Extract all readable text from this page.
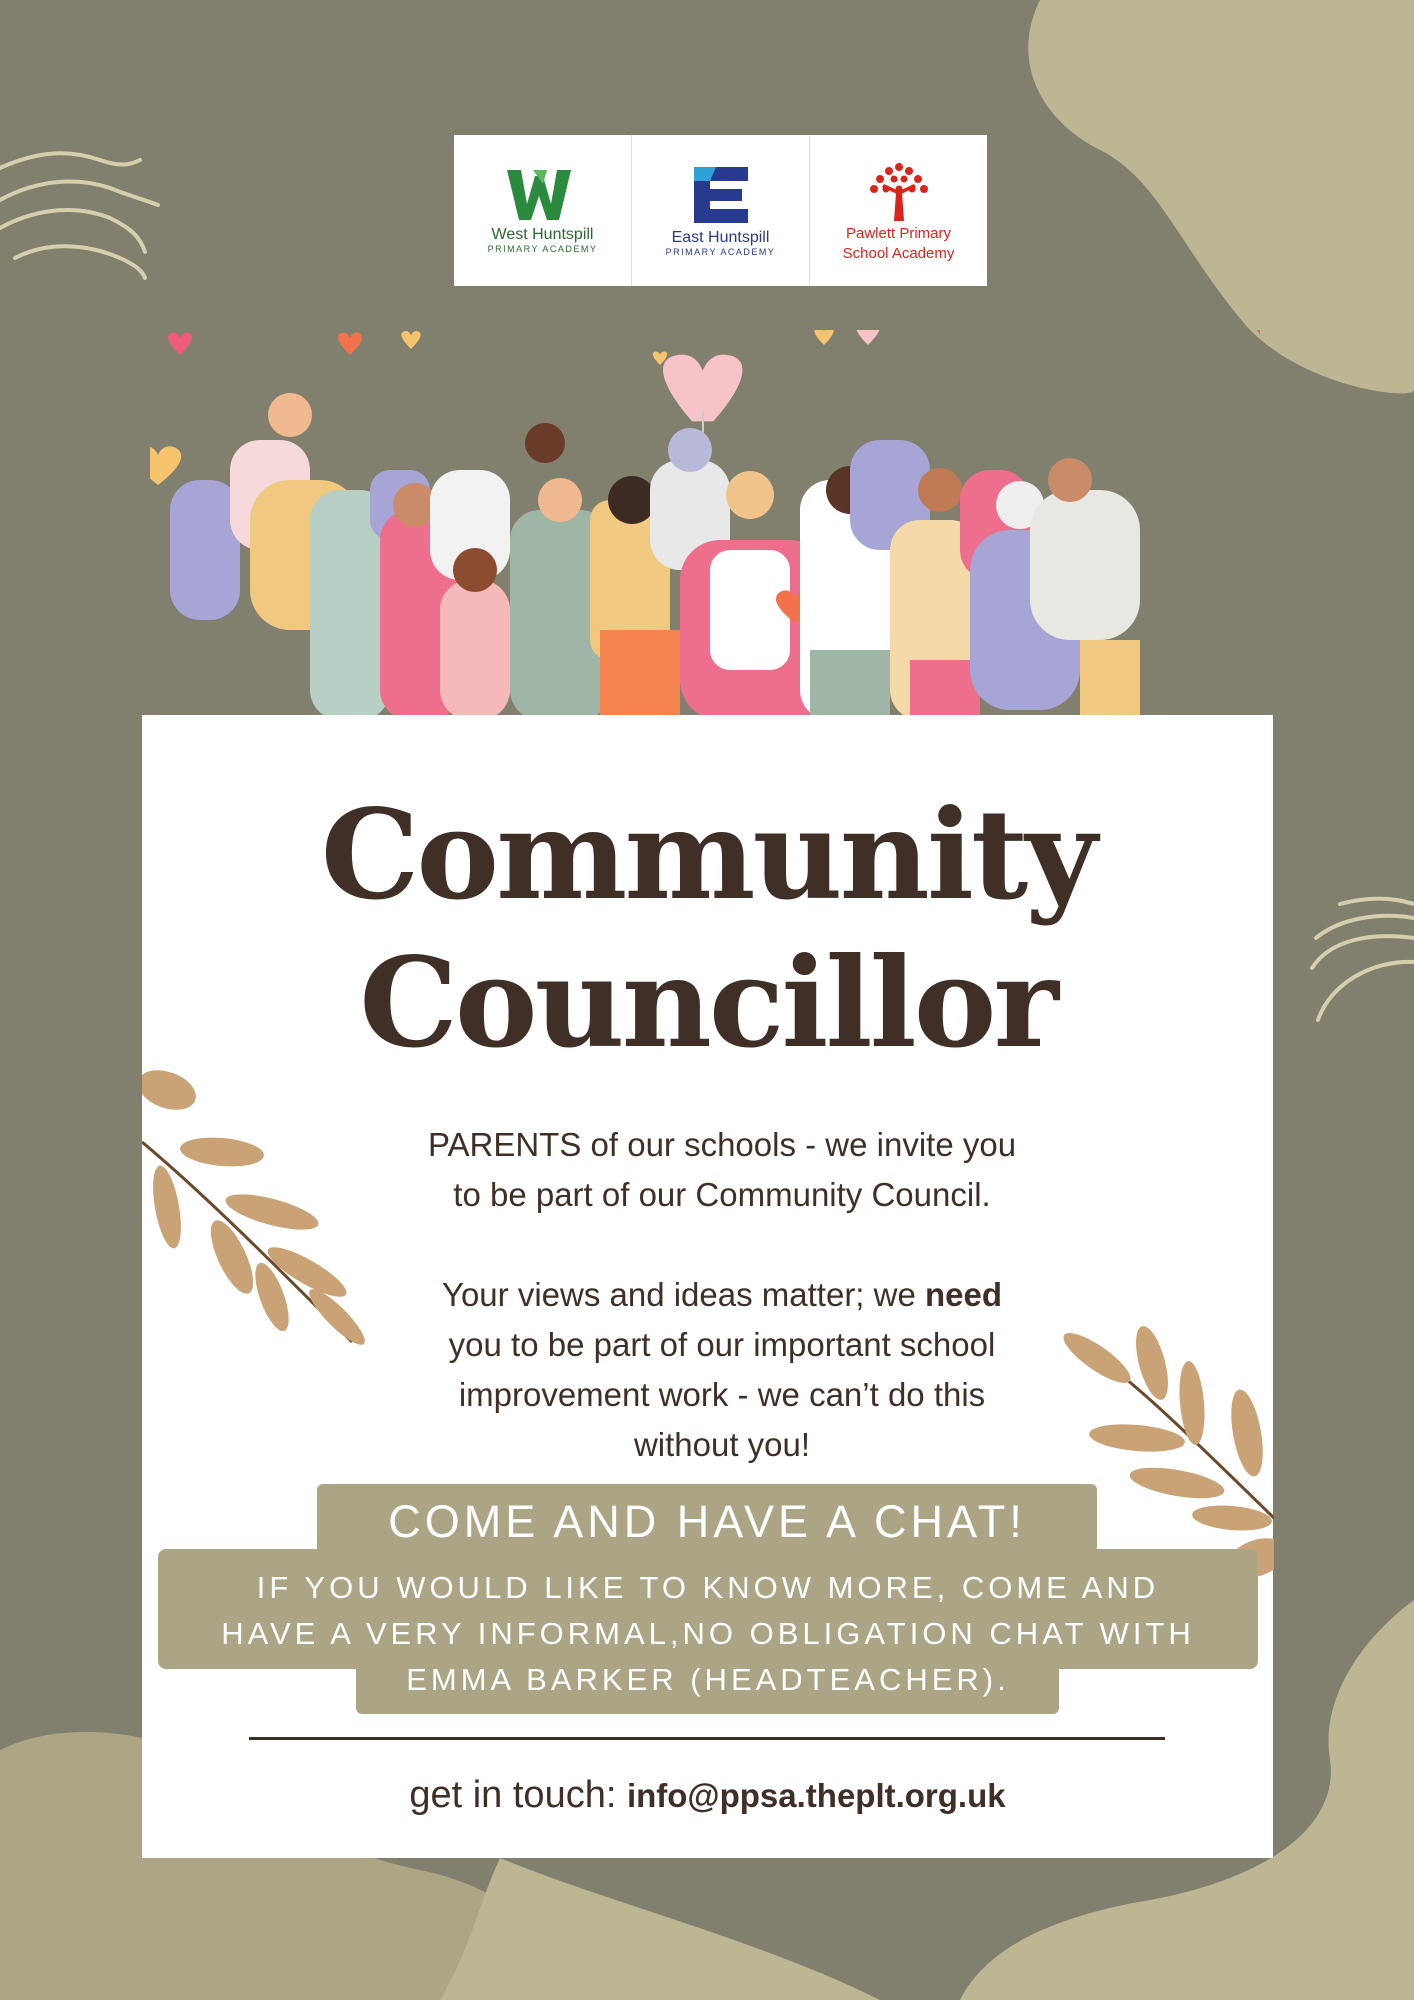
West Huntspill
PRIMARY ACADEMY
East Huntspill
PRIMARY ACADEMY
Pawlett Primary
School Academy
Community
Councillor
PARENTS of our schools - we invite you
to be part of our Community Council.
Your views and ideas matter; we need
you to be part of our important school
improvement work - we can’t do this
without you!
COME AND HAVE A CHAT!
IF YOU WOULD LIKE TO KNOW MORE, COME AND
HAVE A VERY INFORMAL,NO OBLIGATION CHAT WITH
EMMA BARKER (HEADTEACHER).
get in touch: info@ppsa.theplt.org.uk
